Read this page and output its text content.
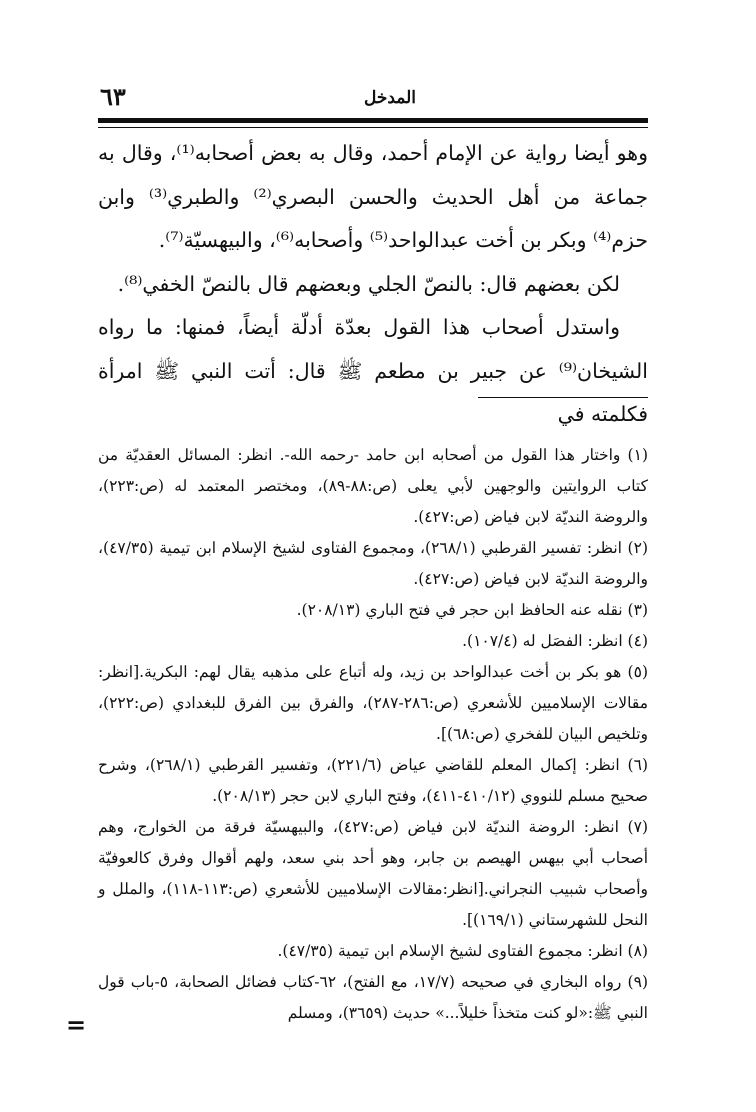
٦٣	المدخل

وهو أيضا رواية عن الإمام أحمد، وقال به بعض أصحابه⁽¹⁾، وقال به جماعة من أهل الحديث والحسن البصري⁽²⁾ والطبري⁽³⁾ وابن حزم⁽⁴⁾ وبكر بن أخت عبدالواحد⁽⁵⁾ وأصحابه⁽⁶⁾، والبيهسيّة⁽⁷⁾.

لكن بعضهم قال: بالنصّ الجلي وبعضهم قال بالنصّ الخفي⁽⁸⁾.

واستدل أصحاب هذا القول بعدّة أدلّة أيضاً، فمنها: ما رواه الشيخان⁽⁹⁾ عن جبير بن مطعم ﷺ قال: أتت النبي ﷺ امرأة فكلمته في

(١) واختار هذا القول من أصحابه ابن حامد -رحمه الله-. انظر: المسائل العقديّة من كتاب الروايتين والوجهين لأبي يعلى (ص:٨٨-٨٩)، ومختصر المعتمد له (ص:٢٢٣)، والروضة النديّة لابن فياض (ص:٤٢٧).

(٢) انظر: تفسير القرطبي (٢٦٨/١)، ومجموع الفتاوى لشيخ الإسلام ابن تيمية (٤٧/٣٥)، والروضة النديّة لابن فياض (ص:٤٢٧).

(٣) نقله عنه الحافظ ابن حجر في فتح الباري (٢٠٨/١٣).

(٤) انظر: الفصَل له (١٠٧/٤).

(٥) هو بكر بن أخت عبدالواحد بن زيد، وله أتباع على مذهبه يقال لهم: البكرية.[انظر: مقالات الإسلاميين للأشعري (ص:٢٨٦-٢٨٧)، والفرق بين الفرق للبغدادي (ص:٢٢٢)، وتلخيص البيان للفخري (ص:٦٨)].

(٦) انظر: إكمال المعلم للقاضي عياض (٢٢١/٦)، وتفسير القرطبي (٢٦٨/١)، وشرح صحيح مسلم للنووي (٤١٠/١٢-٤١١)، وفتح الباري لابن حجر (٢٠٨/١٣).

(٧) انظر: الروضة النديّة لابن فياض (ص:٤٢٧)، والبيهسيّة فرقة من الخوارج، وهم أصحاب أبي بيهس الهيصم بن جابر، وهو أحد بني سعد، ولهم أقوال وفرق كالعوفيّة وأصحاب شبيب النجراني.[انظر:مقالات الإسلاميين للأشعري (ص:١١٣-١١٨)، والملل و النحل للشهرستاني (١٦٩/١)].

(٨) انظر: مجموع الفتاوى لشيخ الإسلام ابن تيمية (٤٧/٣٥).

(٩) رواه البخاري في صحيحه (١٧/٧، مع الفتح)، ٦٢-كتاب فضائل الصحابة، ٥-باب قول النبي ﷺ:«لو كنت متخذاً خليلاً...» حديث (٣٦٥٩)، ومسلم

=
